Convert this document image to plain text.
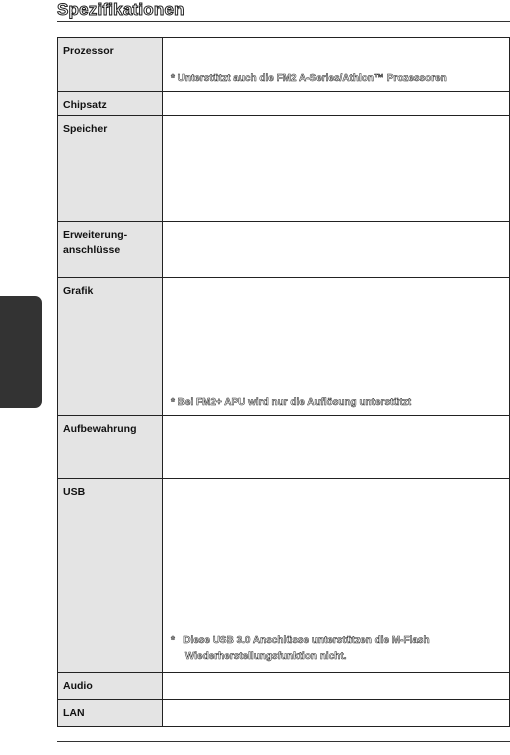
Spezifikationen
Prozessor	* Unterstützt auch die FM2 A-Series/Athlon™ Prozessoren

Chipsatz	
Speicher	
Erweiterung-
anschlüsse	
Grafik	* Bei FM2+ APU wird nur die Auflösung unterstützt

Aufbewahrung	
USB	*   Diese USB 3.0 Anschlüsse unterstützen die M-Flash
Wiederherstellungsfunktion nicht.

Audio	
LAN	
